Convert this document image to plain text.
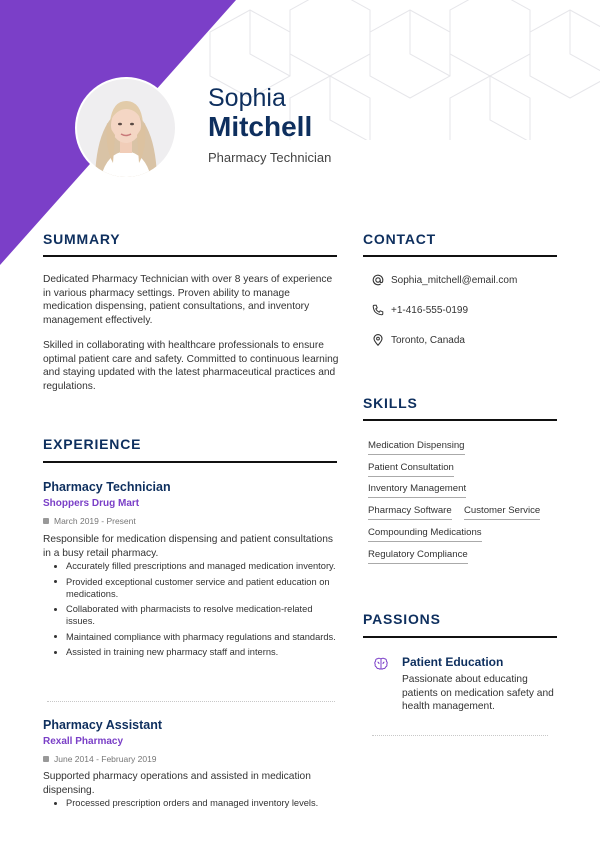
Sophia
Mitchell
Pharmacy Technician
SUMMARY
Dedicated Pharmacy Technician with over 8 years of experience in various pharmacy settings. Proven ability to manage medication dispensing, patient consultations, and inventory management effectively.
Skilled in collaborating with healthcare professionals to ensure optimal patient care and safety. Committed to continuous learning and staying updated with the latest pharmaceutical practices and regulations.
EXPERIENCE
Pharmacy Technician
Shoppers Drug Mart
March 2019 - Present
Responsible for medication dispensing and patient consultations in a busy retail pharmacy.
Accurately filled prescriptions and managed medication inventory.
Provided exceptional customer service and patient education on medications.
Collaborated with pharmacists to resolve medication-related issues.
Maintained compliance with pharmacy regulations and standards.
Assisted in training new pharmacy staff and interns.
Pharmacy Assistant
Rexall Pharmacy
June 2014 - February 2019
Supported pharmacy operations and assisted in medication dispensing.
Processed prescription orders and managed inventory levels.
CONTACT
Sophia_mitchell@email.com
+1-416-555-0199
Toronto, Canada
SKILLS
Medication Dispensing
Patient Consultation
Inventory Management
Pharmacy Software Customer Service
Compounding Medications
Regulatory Compliance
PASSIONS
Patient Education
Passionate about educating patients on medication safety and health management.
